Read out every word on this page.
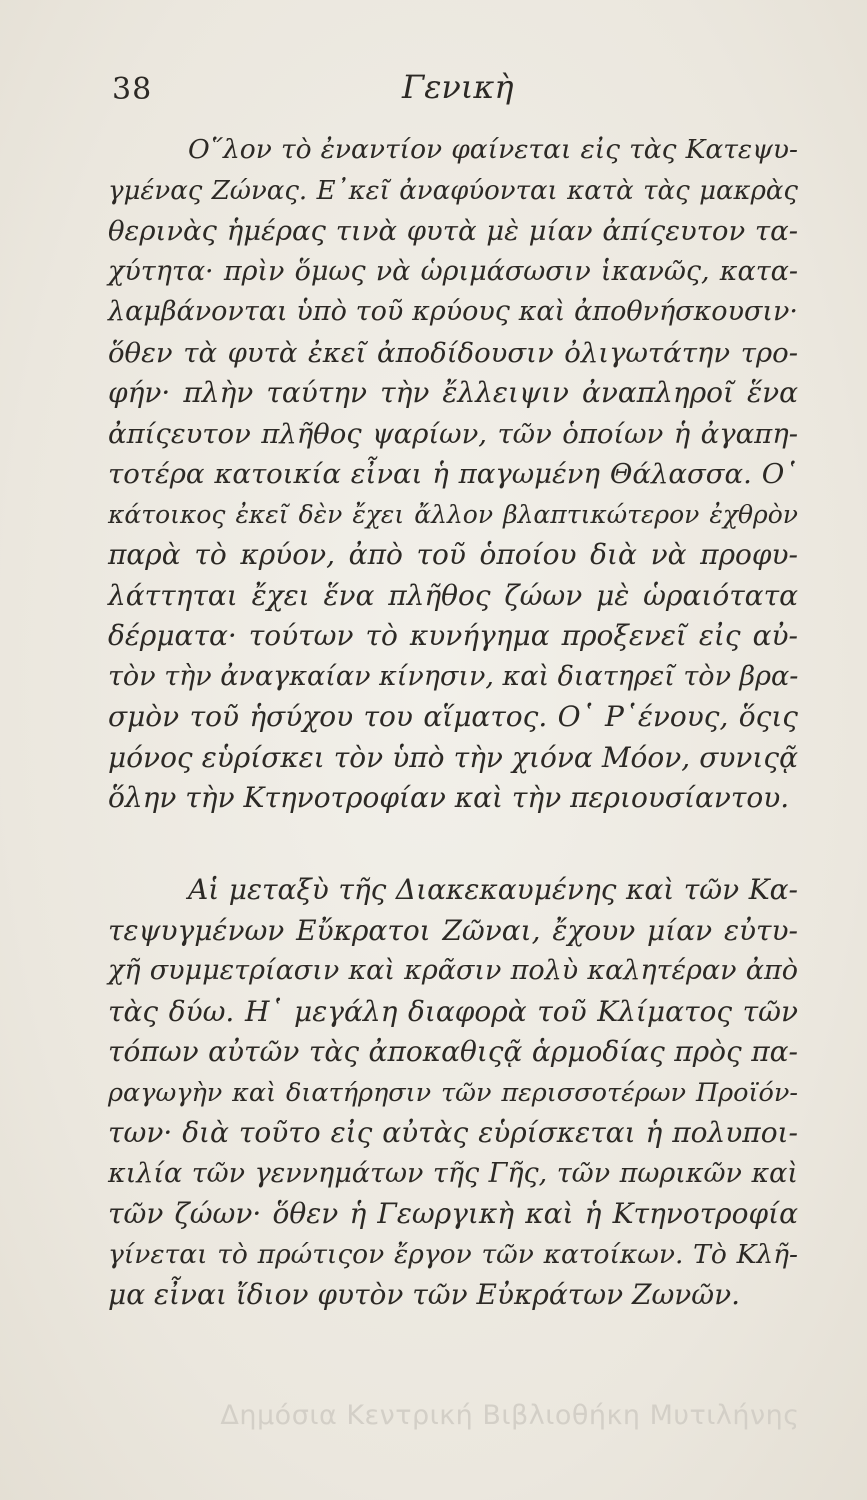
38	Γενικὴ
Ο῞λον τὸ ἐναντίον φαίνεται εἰς τὰς Κατεψυ-
γμένας Ζώνας. Ε᾿κεῖ ἀναφύονται κατὰ τὰς μακρὰς
θερινὰς ἡμέρας τινὰ φυτὰ μὲ μίαν ἀπίςευτον τα-
χύτητα· πρὶν ὅμως νὰ ὡριμάσωσιν ἱκανῶς, κατα-
λαμβάνονται ὑπὸ τοῦ κρύους καὶ ἀποθνήσκουσιν·
ὅθεν τὰ φυτὰ ἐκεῖ ἀποδίδουσιν ὀλιγωτάτην τρο-
φήν· πλὴν ταύτην τὴν ἔλλειψιν ἀναπληροῖ ἕνα
ἀπίςευτον πλῆθος ψαρίων, τῶν ὁποίων ἡ ἀγαπη-
τοτέρα κατοικία εἶναι ἡ παγωμένη Θάλασσα. Ο῾
κάτοικος ἐκεῖ δὲν ἔχει ἄλλον βλαπτικώτερον ἐχθρὸν
παρὰ τὸ κρύον, ἀπὸ τοῦ ὁποίου διὰ νὰ προφυ-
λάττηται ἔχει ἕνα πλῆθος ζώων μὲ ὡραιότατα
δέρματα· τούτων τὸ κυνήγημα προξενεῖ εἰς αὐ-
τὸν τὴν ἀναγκαίαν κίνησιν, καὶ διατηρεῖ τὸν βρα-
σμὸν τοῦ ἡσύχου του αἵματος. Ο῾ Ρ῾ένους, ὅςις
μόνος εὑρίσκει τὸν ὑπὸ τὴν χιόνα Μόον, συνιςᾷ
ὅλην τὴν Κτηνοτροφίαν καὶ τὴν περιουσίαντου.
Αἱ μεταξὺ τῆς Διακεκαυμένης καὶ τῶν Κα-
τεψυγμένων Εὔκρατοι Ζῶναι, ἔχουν μίαν εὐτυ-
χῆ συμμετρίασιν καὶ κρᾶσιν πολὺ καλητέραν ἀπὸ
τὰς δύω. Η῾ μεγάλη διαφορὰ τοῦ Κλίματος τῶν
τόπων αὐτῶν τὰς ἀποκαθιςᾷ ἁρμοδίας πρὸς πα-
ραγωγὴν καὶ διατήρησιν τῶν περισσοτέρων Προϊόν-
των· διὰ τοῦτο εἰς αὐτὰς εὑρίσκεται ἡ πολυποι-
κιλία τῶν γεννημάτων τῆς Γῆς, τῶν πωρικῶν καὶ
τῶν ζώων· ὅθεν ἡ Γεωργικὴ καὶ ἡ Κτηνοτροφία
γίνεται τὸ πρώτιςον ἔργον τῶν κατοίκων. Τὸ Κλῆ-
μα εἶναι ἴδιον φυτὸν τῶν Εὐκράτων Ζωνῶν.
Δημόσια Κεντρική Βιβλιοθήκη Μυτιλήνης
